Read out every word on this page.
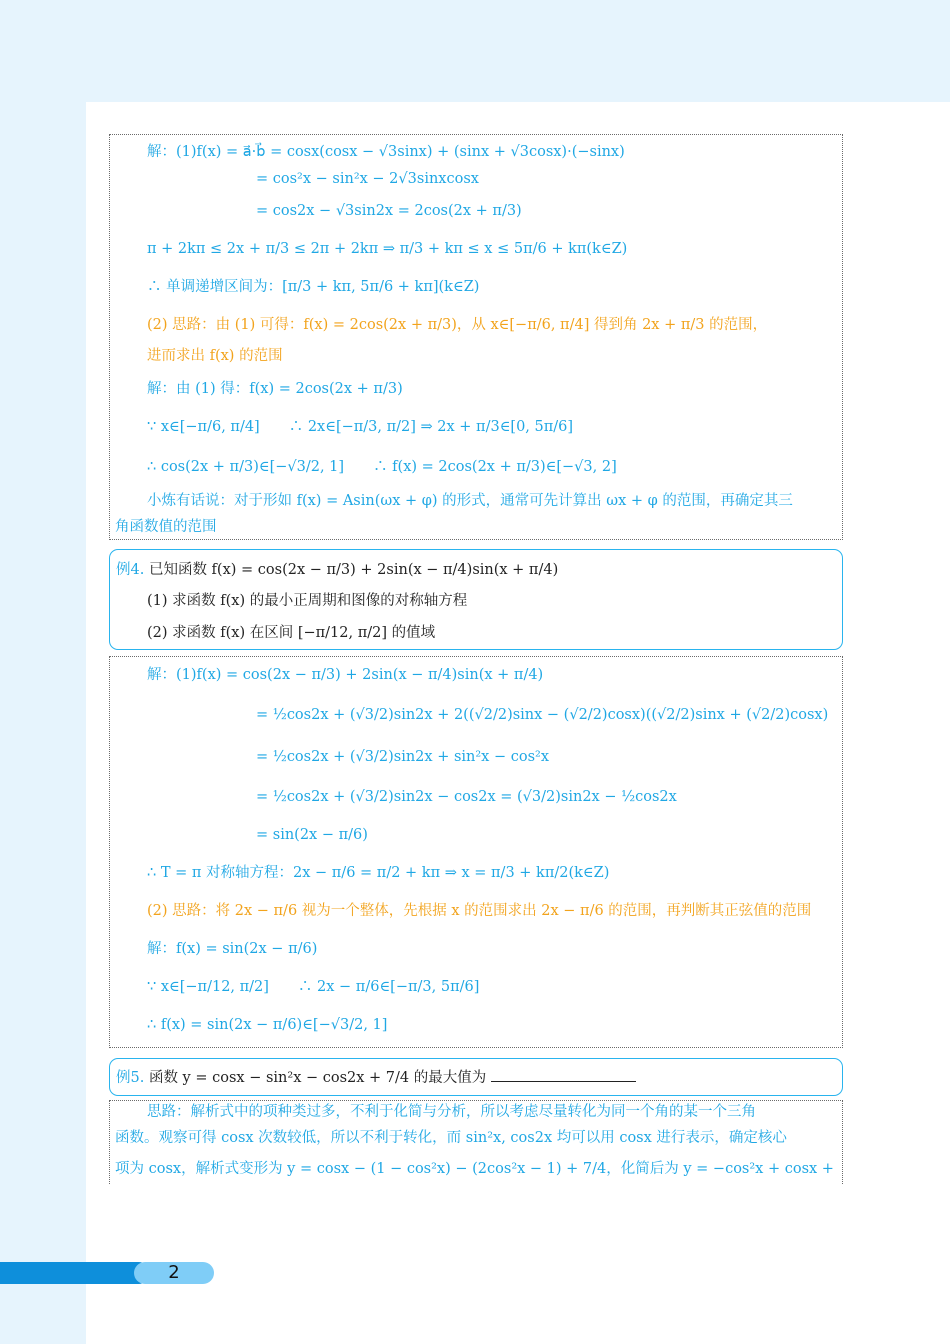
解：(1)f(x) = a⃗·b⃗ = cosx(cosx − √3sinx) + (sinx + √3cosx)·(−sinx)
= cos²x − sin²x − 2√3sinxcosx
= cos2x − √3sin2x = 2cos(2x + π/3)
π + 2kπ ≤ 2x + π/3 ≤ 2π + 2kπ ⇒ π/3 + kπ ≤ x ≤ 5π/6 + kπ(k∈Z)
∴ 单调递增区间为：[π/3 + kπ, 5π/6 + kπ](k∈Z)
(2) 思路：由 (1) 可得：f(x) = 2cos(2x + π/3)，从 x∈[−π/6, π/4] 得到角 2x + π/3 的范围，
进而求出 f(x) 的范围
解：由 (1) 得：f(x) = 2cos(2x + π/3)
∵ x∈[−π/6, π/4]　　∴ 2x∈[−π/3, π/2] ⇒ 2x + π/3∈[0, 5π/6]
∴ cos(2x + π/3)∈[−√3/2, 1]　　∴ f(x) = 2cos(2x + π/3)∈[−√3, 2]
小炼有话说：对于形如 f(x) = Asin(ωx + φ) 的形式，通常可先计算出 ωx + φ 的范围，再确定其三
角函数值的范围
例4. 已知函数 f(x) = cos(2x − π/3) + 2sin(x − π/4)sin(x + π/4)
(1) 求函数 f(x) 的最小正周期和图像的对称轴方程
(2) 求函数 f(x) 在区间 [−π/12, π/2] 的值域
解：(1)f(x) = cos(2x − π/3) + 2sin(x − π/4)sin(x + π/4)
= ½cos2x + (√3/2)sin2x + 2((√2/2)sinx − (√2/2)cosx)((√2/2)sinx + (√2/2)cosx)
= ½cos2x + (√3/2)sin2x + sin²x − cos²x
= ½cos2x + (√3/2)sin2x − cos2x = (√3/2)sin2x − ½cos2x
= sin(2x − π/6)
∴ T = π 对称轴方程：2x − π/6 = π/2 + kπ ⇒ x = π/3 + kπ/2(k∈Z)
(2) 思路：将 2x − π/6 视为一个整体，先根据 x 的范围求出 2x − π/6 的范围，再判断其正弦值的范围
解：f(x) = sin(2x − π/6)
∵ x∈[−π/12, π/2]　　∴ 2x − π/6∈[−π/3, 5π/6]
∴ f(x) = sin(2x − π/6)∈[−√3/2, 1]
例5. 函数 y = cosx − sin²x − cos2x + 7/4 的最大值为
思路：解析式中的项种类过多，不利于化简与分析，所以考虑尽量转化为同一个角的某一个三角
函数。观察可得 cosx 次数较低，所以不利于转化，而 sin²x, cos2x 均可以用 cosx 进行表示，确定核心
项为 cosx，解析式变形为 y = cosx − (1 − cos²x) − (2cos²x − 1) + 7/4，化简后为 y = −cos²x + cosx +
2
